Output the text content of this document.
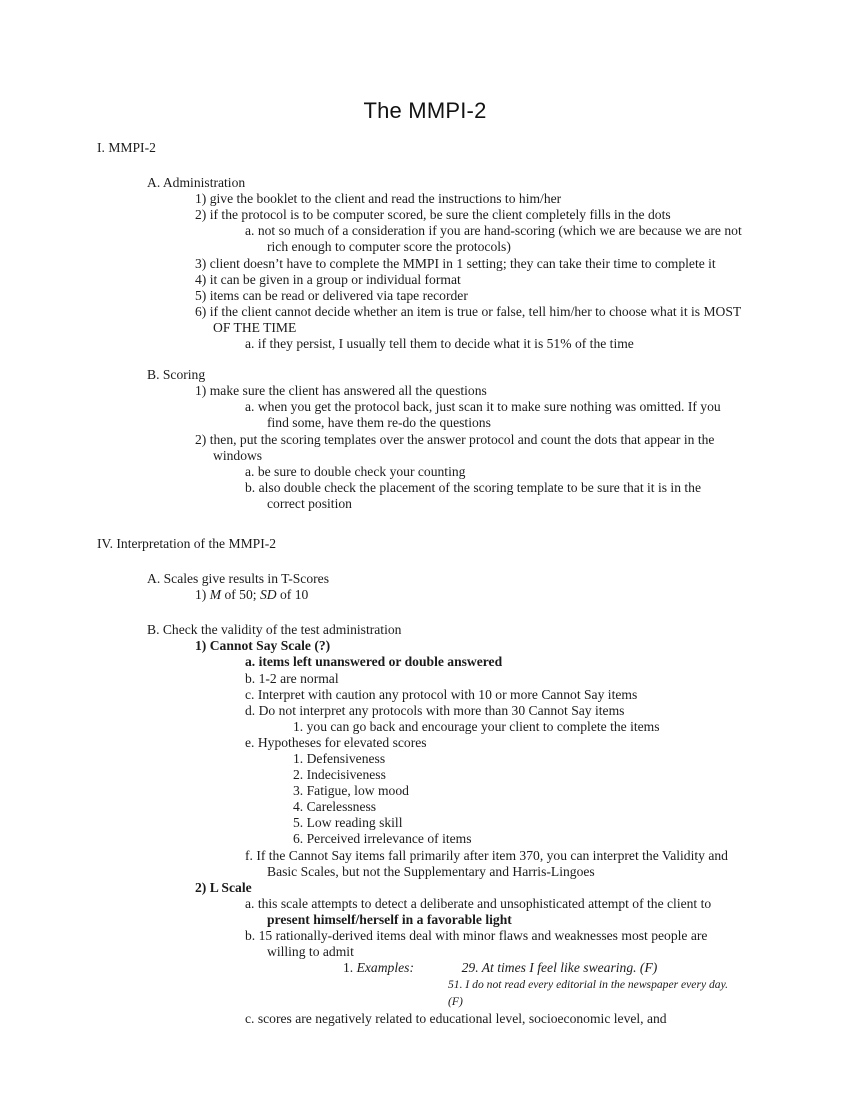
The MMPI-2
I. MMPI-2
A. Administration
1) give the booklet to the client and read the instructions to him/her
2) if the protocol is to be computer scored, be sure the client completely fills in the dots
a. not so much of a consideration if you are hand-scoring (which we are because we are not rich enough to computer score the protocols)
3) client doesn’t have to complete the MMPI in 1 setting; they can take their time to complete it
4) it can be given in a group or individual format
5) items can be read or delivered via tape recorder
6) if the client cannot decide whether an item is true or false, tell him/her to choose what it is MOST OF THE TIME
a. if they persist, I usually tell them to decide what it is 51% of the time
B. Scoring
1) make sure the client has answered all the questions
a. when you get the protocol back, just scan it to make sure nothing was omitted. If you find some, have them re-do the questions
2) then, put the scoring templates over the answer protocol and count the dots that appear in the windows
a. be sure to double check your counting
b. also double check the placement of the scoring template to be sure that it is in the correct position
IV. Interpretation of the MMPI-2
A. Scales give results in T-Scores
1) M of 50; SD of 10
B. Check the validity of the test administration
1) Cannot Say Scale (?)
a. items left unanswered or double answered
b. 1-2 are normal
c. Interpret with caution any protocol with 10 or more Cannot Say items
d. Do not interpret any protocols with more than 30 Cannot Say items
1. you can go back and encourage your client to complete the items
e. Hypotheses for elevated scores
1. Defensiveness
2. Indecisiveness
3. Fatigue, low mood
4. Carelessness
5. Low reading skill
6. Perceived irrelevance of items
f. If the Cannot Say items fall primarily after item 370, you can interpret the Validity and Basic Scales, but not the Supplementary and Harris-Lingoes
2) L Scale
a. this scale attempts to detect a deliberate and unsophisticated attempt of the client to present himself/herself in a favorable light
b. 15 rationally-derived items deal with minor flaws and weaknesses most people are willing to admit
1. Examples:	29. At times I feel like swearing. (F)
51. I do not read every editorial in the newspaper every day. (F)
c. scores are negatively related to educational level, socioeconomic level, and
